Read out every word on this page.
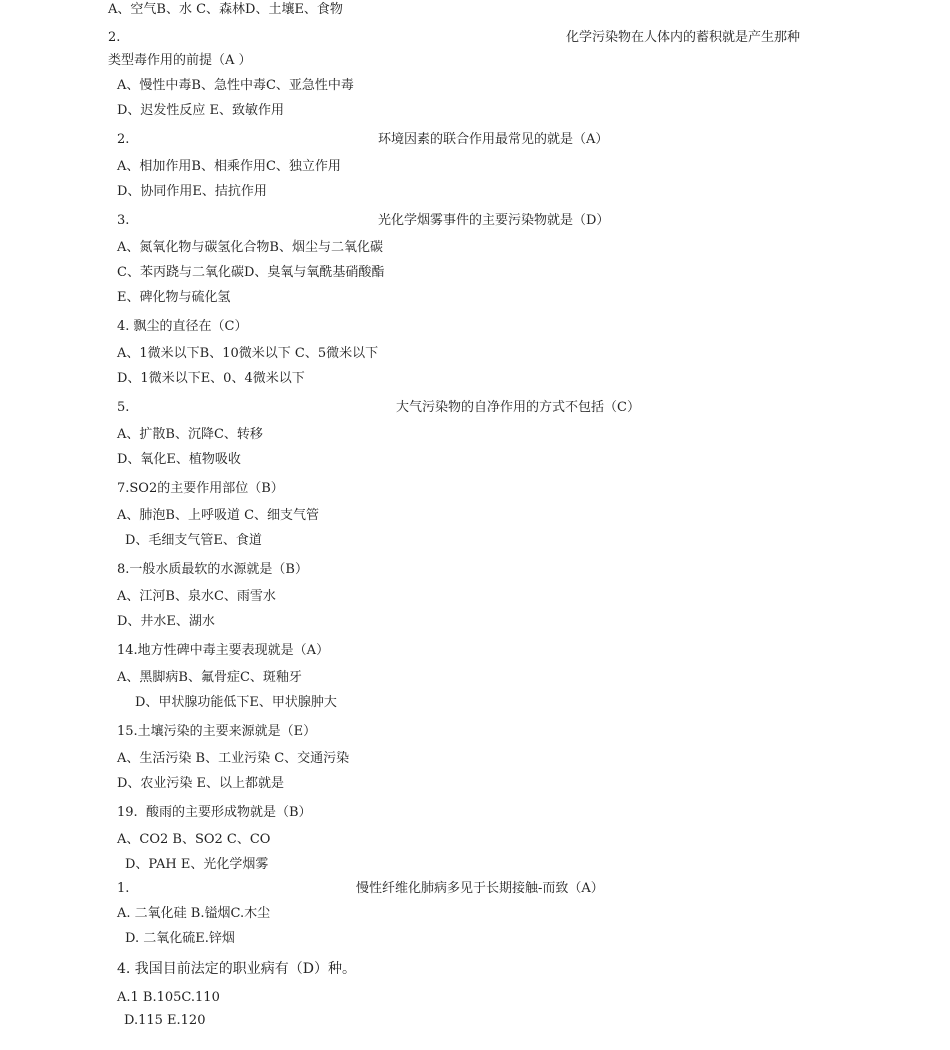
A、空气B、水 C、森林D、土壤E、食物
2.	化学污染物在人体内的蓄积就是产生那种
类型毒作用的前提（A ）
A、慢性中毒B、急性中毒C、亚急性中毒
D、迟发性反应 E、致敏作用
2.	环境因素的联合作用最常见的就是（A）
A、相加作用B、相乘作用C、独立作用
D、协同作用E、拮抗作用
3.	光化学烟雾事件的主要污染物就是（D）
A、氮氧化物与碳氢化合物B、烟尘与二氧化碳
C、苯丙跷与二氧化碳D、臭氧与氧酰基硝酸酯
E、碑化物与硫化氢
4. 飘尘的直径在（C）
A、1微米以下B、10微米以下 C、5微米以下
D、1微米以下E、0、4微米以下
5.	大气污染物的自净作用的方式不包括（C）
A、扩散B、沉降C、转移
D、氧化E、植物吸收
7.SO2的主要作用部位（B）
A、肺泡B、上呼吸道 C、细支气管
D、毛细支气管E、食道
8.一般水质最软的水源就是（B）
A、江河B、泉水C、雨雪水
D、井水E、湖水
14.地方性碑中毒主要表现就是（A）
A、黑脚病B、氟骨症C、斑釉牙
D、甲状腺功能低下E、甲状腺肿大
15.土壤污染的主要来源就是（E）
A、生活污染 B、工业污染 C、交通污染
D、农业污染 E、以上都就是
19.  酸雨的主要形成物就是（B）
A、CO2 B、SO2 C、CO
D、PAH E、光化学烟雾
1.	慢性纤维化肺病多见于长期接触-而致（A）
A. 二氧化硅 B.镒烟C.木尘
D. 二氧化硫E.锌烟
4. 我国目前法定的职业病有（D）种。
A.1 B.105C.110
D.115 E.120
